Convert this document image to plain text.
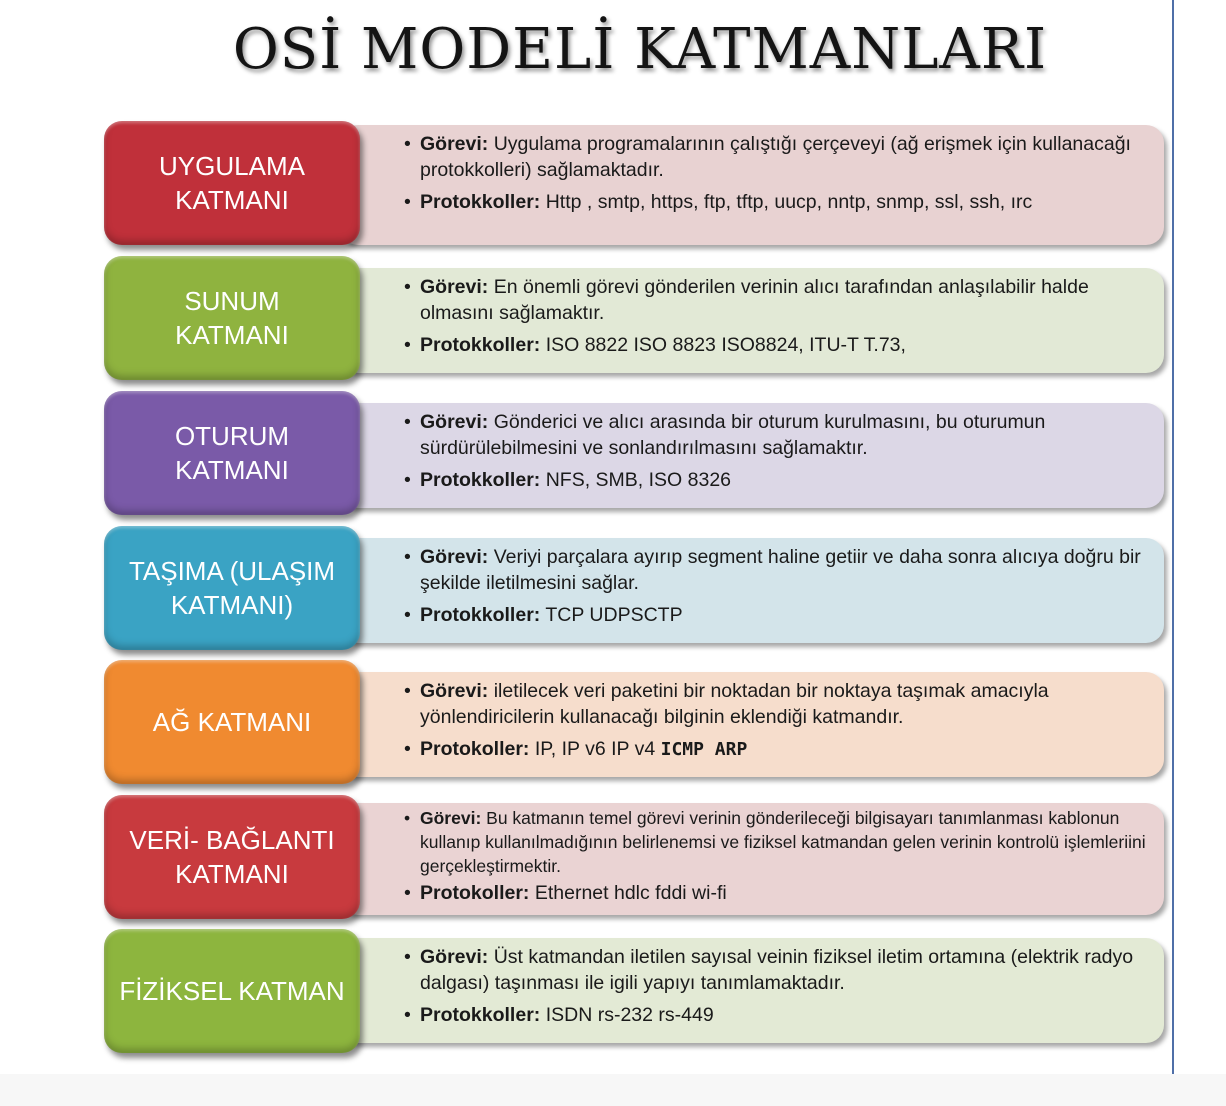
OSİ MODELİ KATMANLARI
• Görevi: Uygulama programalarının çalıştığı çerçeveyi (ağ erişmek için kullanacağı protokkolleri) sağlamaktadır.
• Protokkoller: Http , smtp, https, ftp, tftp, uucp, nntp, snmp, ssl, ssh, ırc
UYGULAMA
KATMANI
• Görevi: En önemli görevi gönderilen verinin alıcı tarafından anlaşılabilir halde olmasını sağlamaktır.
• Protokkoller: ISO 8822 ISO 8823 ISO8824, ITU-T T.73,
SUNUM
KATMANI
• Görevi: Gönderici ve alıcı arasında bir oturum kurulmasını, bu oturumun sürdürülebilmesini ve sonlandırılmasını sağlamaktır.
• Protokkoller: NFS, SMB, ISO 8326
OTURUM
KATMANI
• Görevi: Veriyi parçalara ayırıp segment haline getiir ve daha sonra alıcıya doğru bir şekilde iletilmesini sağlar.
• Protokkoller: TCP UDPSCTP
TAŞIMA (ULAŞIM
KATMANI)
• Görevi: iletilecek veri paketini bir noktadan bir noktaya taşımak amacıyla yönlendiricilerin kullanacağı bilginin eklendiği katmandır.
• Protokoller: IP, IP v6 IP v4 ICMP ARP
AĞ KATMANI
• Görevi: Bu katmanın temel görevi verinin gönderileceği bilgisayarı tanımlanması kablonun kullanıp kullanılmadığının belirlenemsi ve fiziksel katmandan gelen verinin kontrolü işlemleriini gerçekleştirmektir.
• Protokoller: Ethernet hdlc fddi wi-fi
VERİ- BAĞLANTI
KATMANI
• Görevi: Üst katmandan iletilen sayısal veinin fiziksel iletim ortamına (elektrik radyo dalgası) taşınması ile igili yapıyı tanımlamaktadır.
• Protokkoller: ISDN rs-232 rs-449
FİZİKSEL KATMAN
